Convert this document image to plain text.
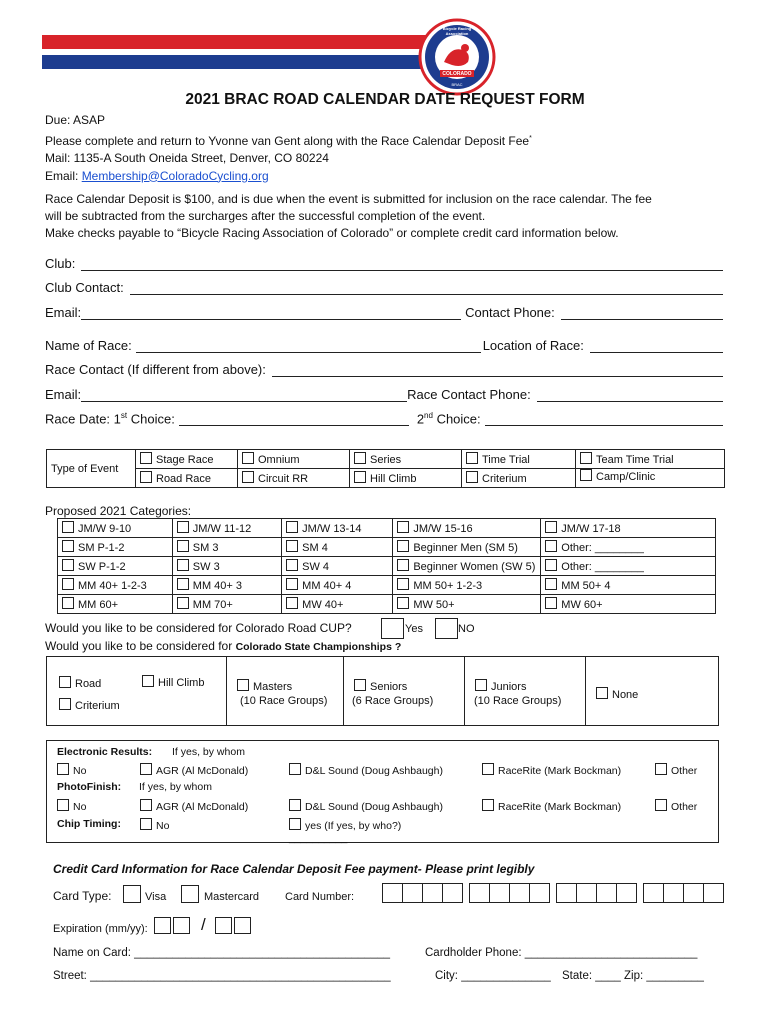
COLORADO
BRAC
Bicycle Racing Association
2021 BRAC ROAD CALENDAR DATE REQUEST FORM
Due: ASAP
Please complete and return to Yvonne van Gent along with the Race Calendar Deposit Fee*
Mail: 1135-A South Oneida Street, Denver, CO 80224
Email: Membership@ColoradoCycling.org
Race Calendar Deposit is $100, and is due when the event is submitted for inclusion on the race calendar. The fee
will be subtracted from the surcharges after the successful completion of the event.
Make checks payable to “Bicycle Racing Association of Colorado” or complete credit card information below.
Club:
Club Contact:
Email:	Contact Phone:
Name of Race:	Location of Race:
Race Contact (If different from above):
Email:	Race Contact Phone:
Race Date: 1st Choice:	2nd Choice:
Type of Event	Stage Race	Omnium	Series	Time Trial	Team Time Trial
	Road Race	Circuit RR	Hill Climb	Criterium	Camp/Clinic
Proposed 2021 Categories:
JM/W 9-10	JM/W 11-12	JM/W 13-14	JM/W 15-16	JM/W 17-18
SM P-1-2	SM 3	SM 4	Beginner Men (SM 5)	Other: ________
SW P-1-2	SW 3	SW 4	Beginner Women (SW 5)	Other: ________
MM 40+ 1-2-3	MM 40+ 3	MM 40+ 4	MM 50+ 1-2-3	MM 50+ 4
MM 60+	MM 70+	MW 40+	MW 50+	MW 60+
Would you like to be considered for Colorado Road CUP?	Yes	NO
Would you like to be considered for Colorado State Championships ?
Road	Hill Climb
Criterium
Masters
(10 Race Groups)
Seniors
(6 Race Groups)
Juniors
(10 Race Groups)	None
Electronic Results: If yes, by whom
No	AGR (Al McDonald)	D&L Sound (Doug Ashbaugh)	RaceRite (Mark Bockman)	Other
PhotoFinish: If yes, by whom
No	AGR (Al McDonald)	D&L Sound (Doug Ashbaugh)	RaceRite (Mark Bockman)	Other
Chip Timing:	No	yes (If yes, by who?)
__________
Credit Card Information for Race Calendar Deposit Fee payment- Please print legibly
Card Type:	Visa	Mastercard Card Number:
Expiration (mm/yy):	/
Name on Card: ________________________________________	Cardholder Phone: ___________________________
Street: _______________________________________________	City: ______________ State: ____ Zip: _________
